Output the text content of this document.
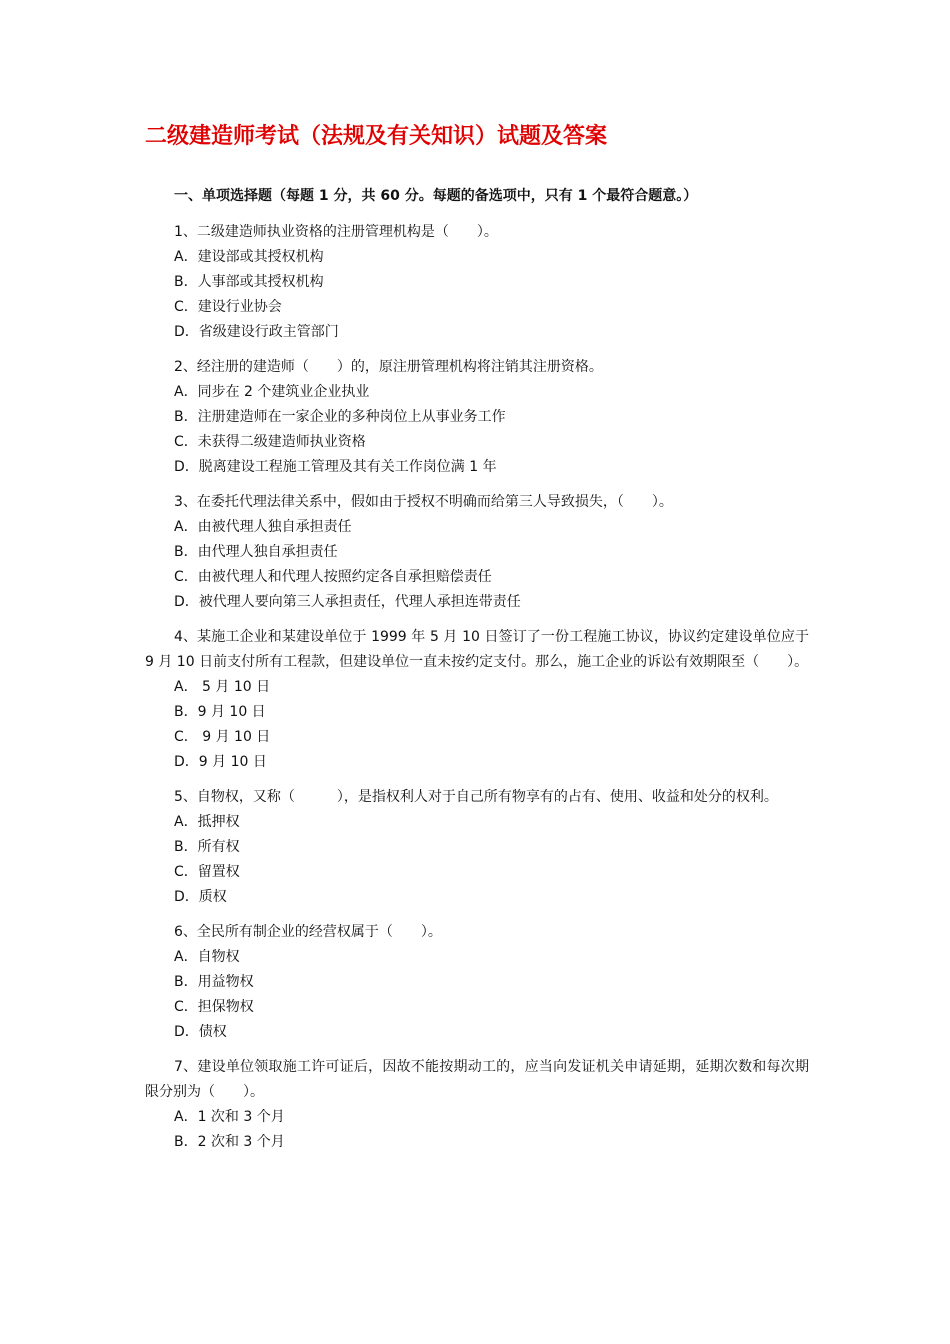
二级建造师考试（法规及有关知识）试题及答案
一、单项选择题（每题 1 分，共 60 分。每题的备选项中，只有 1 个最符合题意。）

1、二级建造师执业资格的注册管理机构是（　　）。

A．建设部或其授权机构

B．人事部或其授权机构

C．建设行业协会

D．省级建设行政主管部门

2、经注册的建造师（　　）的，原注册管理机构将注销其注册资格。

A．同步在 2 个建筑业企业执业

B．注册建造师在一家企业的多种岗位上从事业务工作

C．未获得二级建造师执业资格

D．脱离建设工程施工管理及其有关工作岗位满 1 年

3、在委托代理法律关系中，假如由于授权不明确而给第三人导致损失，（　　）。

A．由被代理人独自承担责任

B．由代理人独自承担责任

C．由被代理人和代理人按照约定各自承担赔偿责任

D．被代理人要向第三人承担责任，代理人承担连带责任

4、某施工企业和某建设单位于 1999 年 5 月 10 日签订了一份工程施工协议，协议约定建设单位应于 9 月 10 日前支付所有工程款，但建设单位一直未按约定支付。那么，施工企业的诉讼有效期限至（　　）。

A． 5 月 10 日

B．9 月 10 日

C． 9 月 10 日

D．9 月 10 日

5、自物权，又称（　　　），是指权利人对于自己所有物享有的占有、使用、收益和处分的权利。

A．抵押权

B．所有权

C．留置权

D．质权

6、全民所有制企业的经营权属于（　　）。

A．自物权

B．用益物权

C．担保物权

D．债权

7、建设单位领取施工许可证后，因故不能按期动工的，应当向发证机关申请延期，延期次数和每次期限分别为（　　）。

A．1 次和 3 个月

B．2 次和 3 个月
